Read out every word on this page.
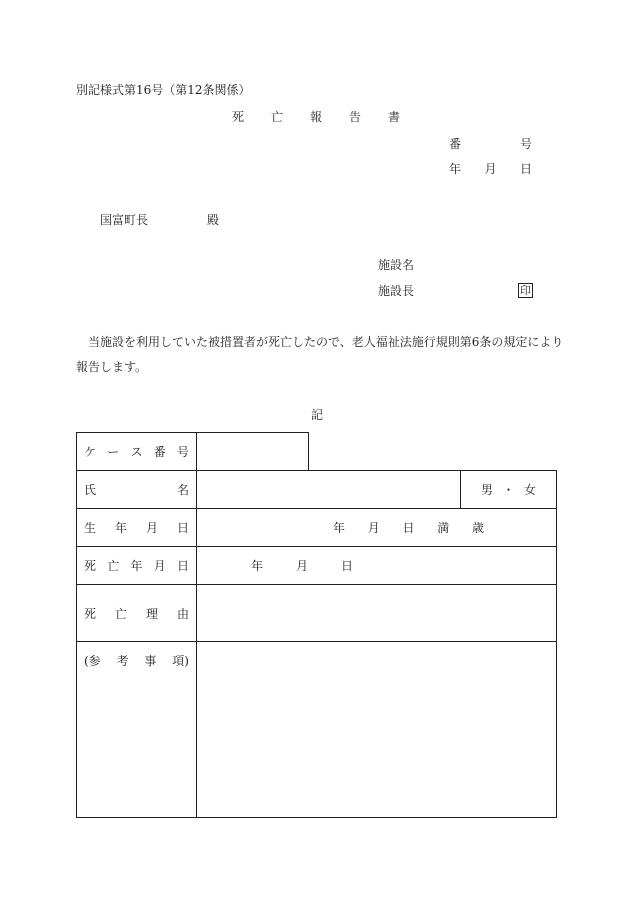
別記様式第16号（第12条関係）
死 亡 報 告 書
番	号
年 月 日
国富町長	殿
施設名
施設長	印
当施設を利用していた被措置者が死亡したので、老人福祉法施行規則第6条の規定により
報告します。
記
ケ ー ス 番 号			

氏 名			男 ・ 女

生 年 月 日	年 月 日 満 歳		

死 亡 年 月 日	年 月 日		

死 亡 理 由			

(参 考 事 項)			
